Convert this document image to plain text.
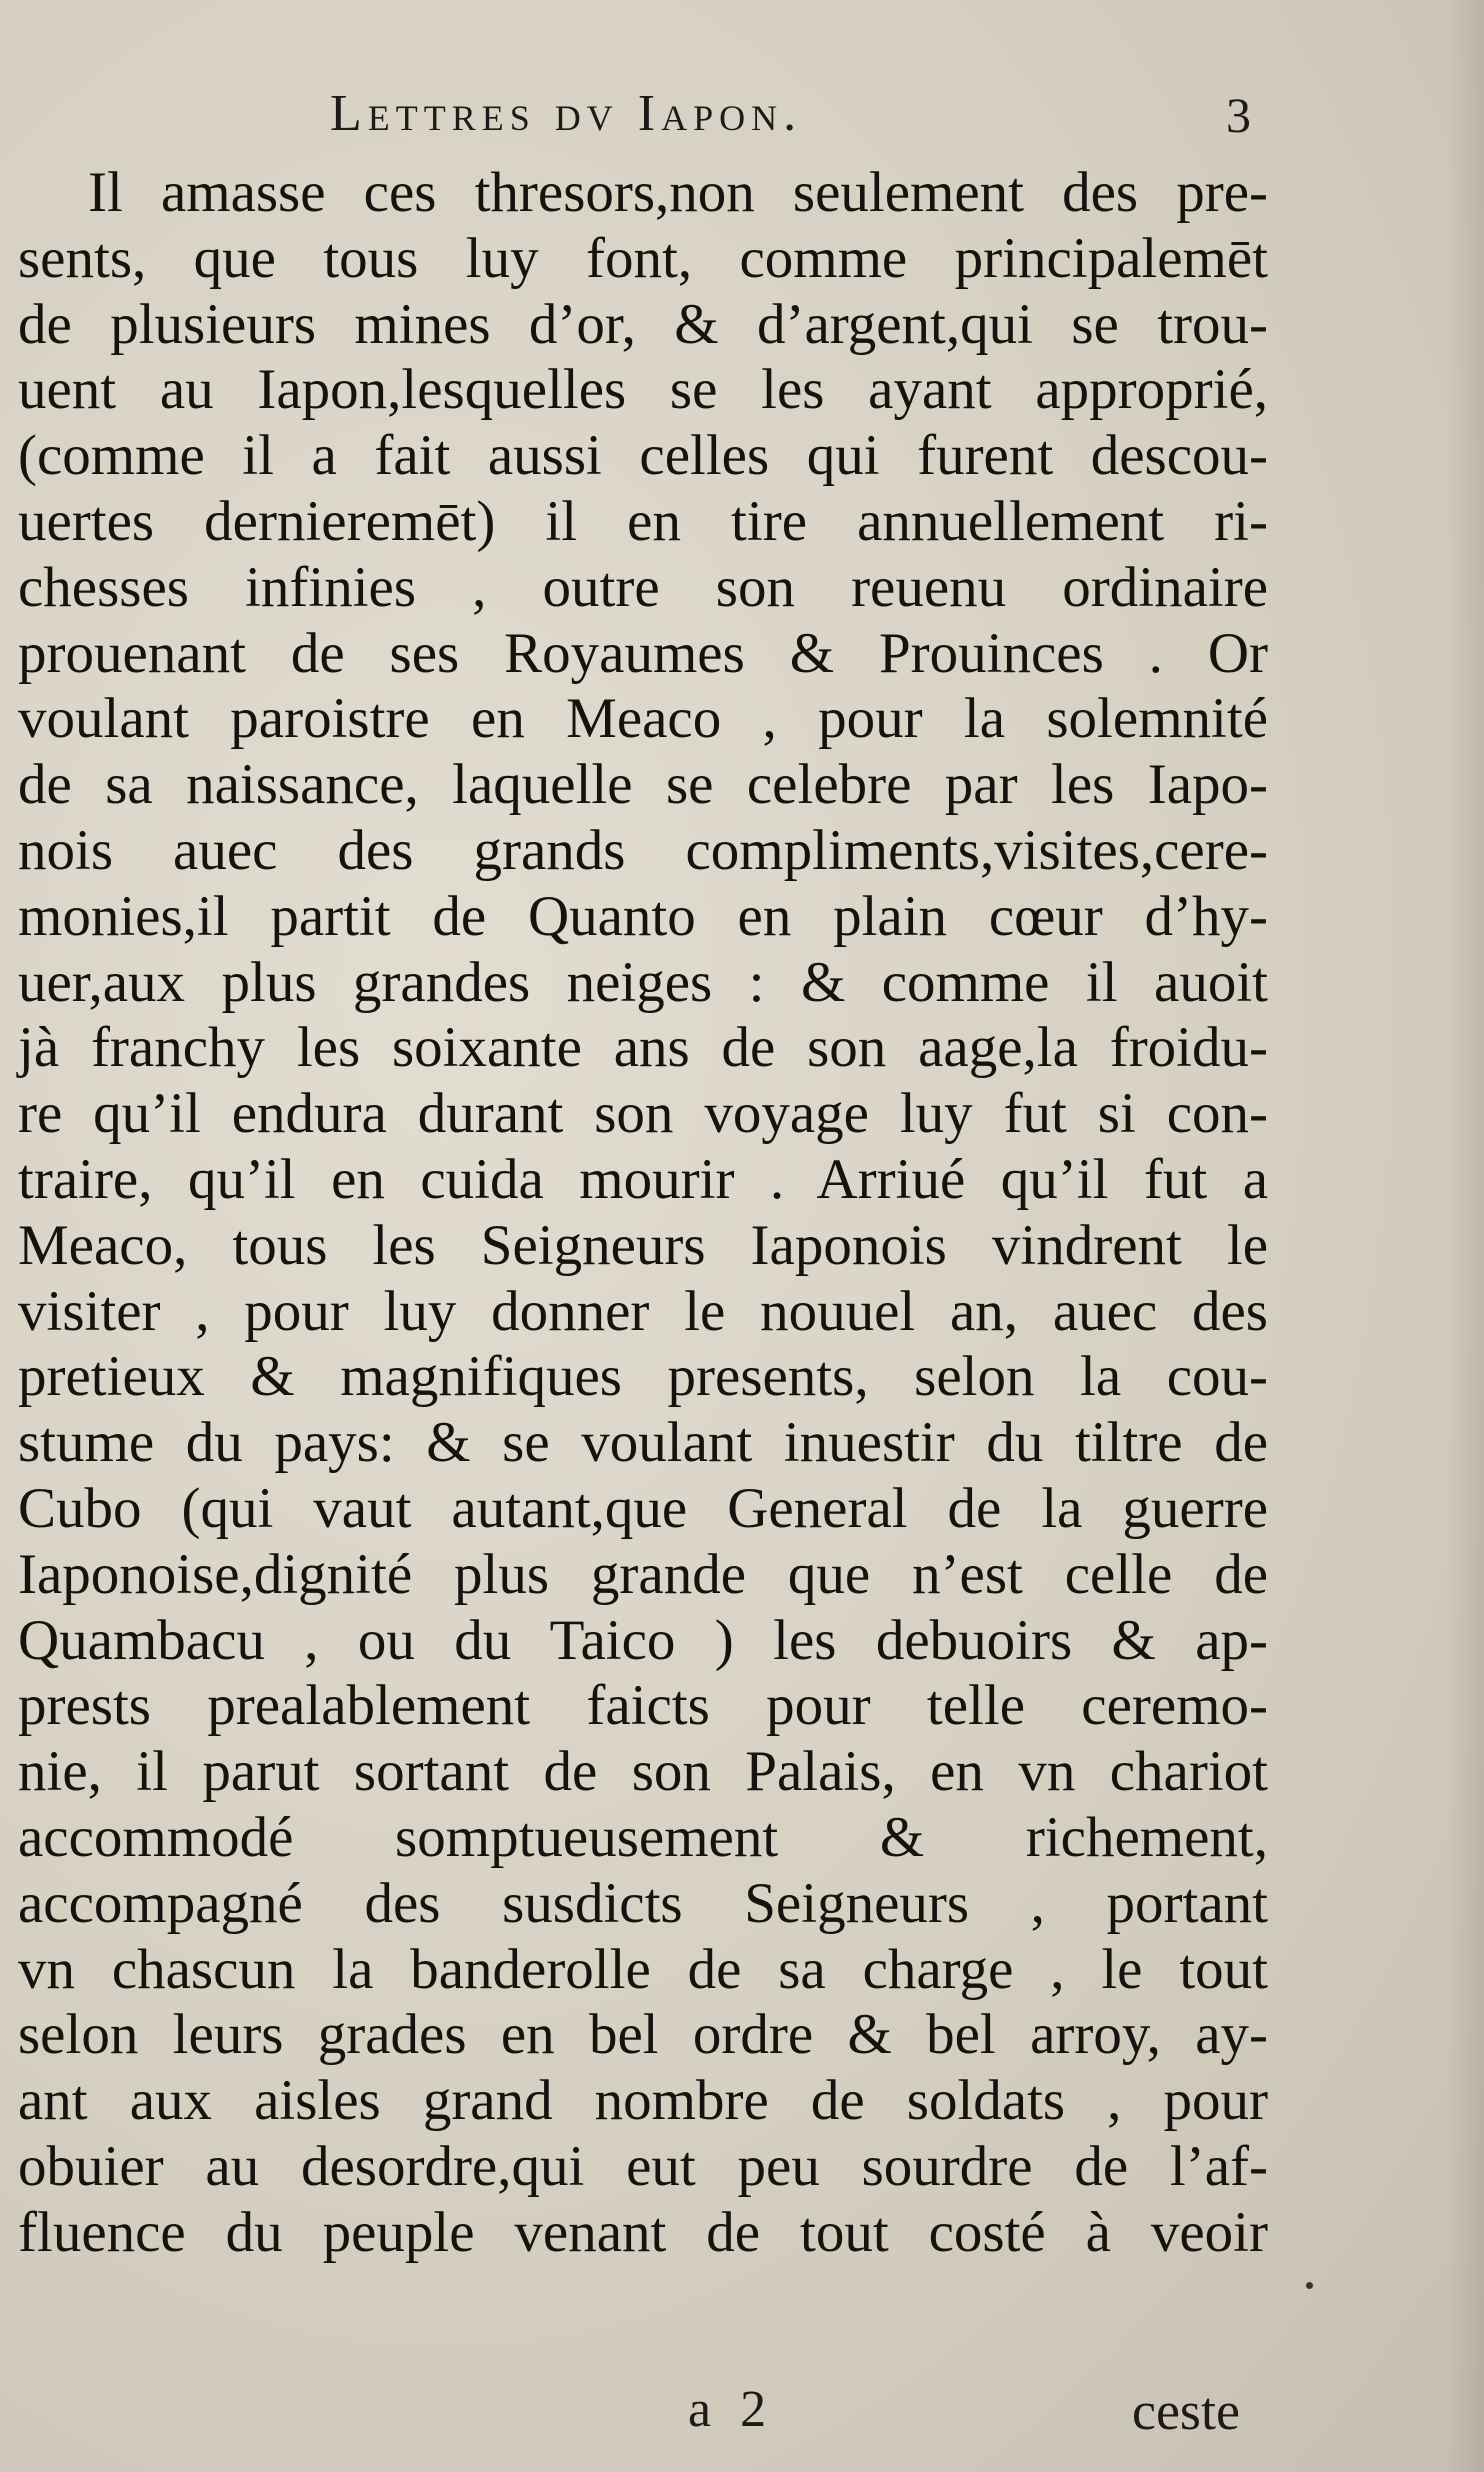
Lettres dv Iapon.	3
Il amasse ces thresors,non seulement des pre-
sents, que tous luy font, comme principalemēt
de plusieurs mines d’or, & d’argent,qui se trou-
uent au Iapon,lesquelles se les ayant approprié,
(comme il a fait aussi celles qui furent descou-
uertes dernieremēt) il en tire annuellement ri-
chesses infinies , outre son reuenu ordinaire
prouenant de ses Royaumes & Prouinces . Or
voulant paroistre en Meaco , pour la solemnité
de sa naissance, laquelle se celebre par les Iapo-
nois auec des grands compliments,visites,cere-
monies,il partit de Quanto en plain cœur d’hy-
uer,aux plus grandes neiges : & comme il auoit
jà franchy les soixante ans de son aage,la froidu-
re qu’il endura durant son voyage luy fut si con-
traire, qu’il en cuida mourir . Arriué qu’il fut a
Meaco, tous les Seigneurs Iaponois vindrent le
visiter , pour luy donner le nouuel an, auec des
pretieux & magnifiques presents, selon la cou-
stume du pays: & se voulant inuestir du tiltre de
Cubo (qui vaut autant,que General de la guerre
Iaponoise,dignité plus grande que n’est celle de
Quambacu , ou du Taico ) les debuoirs & ap-
prests prealablement faicts pour telle ceremo-
nie, il parut sortant de son Palais, en vn chariot
accommodé somptueusement & richement,
accompagné des susdicts Seigneurs , portant
vn chascun la banderolle de sa charge , le tout
selon leurs grades en bel ordre & bel arroy, ay-
ant aux aisles grand nombre de soldats , pour
obuier au desordre,qui eut peu sourdre de l’af-
fluence du peuple venant de tout costé à veoir
a 2	ceste
